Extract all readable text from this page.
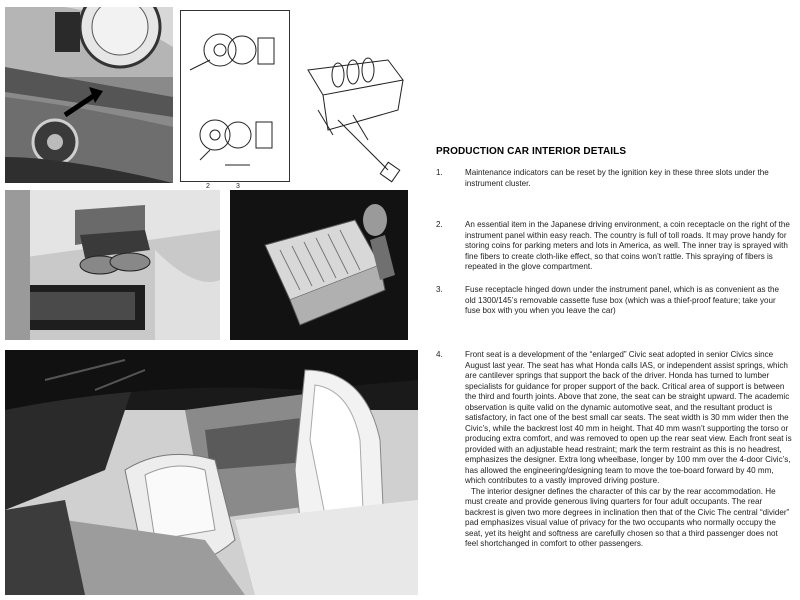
2	3
PRODUCTION CAR INTERIOR DETAILS
1.	Maintenance indicators can be reset by the ignition key in these three slots under the instrument cluster.

2.	An essential item in the Japanese driving environment, a coin receptacle on the right of the instrument panel within easy reach. The country is full of toll roads. It may prove handy for storing coins for parking meters and lots in America, as well. The inner tray is sprayed with fine fibers to create cloth-like effect, so that coins won’t rattle. This spraying of fibers is repeated in the glove compartment.

3.	Fuse receptacle hinged down under the instrument panel, which is as convenient as the old 1300/145’s removable cassette fuse box (which was a thief-proof feature; take your fuse box with you when you leave the car)

4.	Front seat is a development of the “enlarged” Civic seat adopted in senior Civics since August last year. The seat has what Honda calls IAS, or independent assist springs, which are cantilever springs that support the back of the driver. Honda has turned to lumber specialists for guidance for proper support of the back. Critical area of support is between the third and fourth joints. Above that zone, the seat can be straight upward. The academic observation is quite valid on the dynamic automotive seat, and the resultant product is satisfactory, in fact one of the best small car seats. The seat width is 30 mm wider then the Civic’s, while the backrest lost 40 mm in height. That 40 mm wasn’t supporting the torso or producing extra comfort, and was removed to open up the rear seat view. Each front seat is provided with an adjustable head restraint; mark the term restraint as this is no headrest, emphasizes the designer. Extra long wheelbase, longer by 100 mm over the 4-door Civic’s, has allowed the engineering/designing team to move the toe-board forward by 40 mm, which contributes to a vastly improved driving posture.

The interior designer defines the character of this car by the rear accommodation. He must create and provide generous living quarters for four adult occupants. The rear backrest is given two more degrees in inclination then that of the Civic The central “divider” pad emphasizes visual value of privacy for the two occupants who normally occupy the seat, yet its height and softness are carefully chosen so that a third passenger does not feel shortchanged in comfort to other passengers.
